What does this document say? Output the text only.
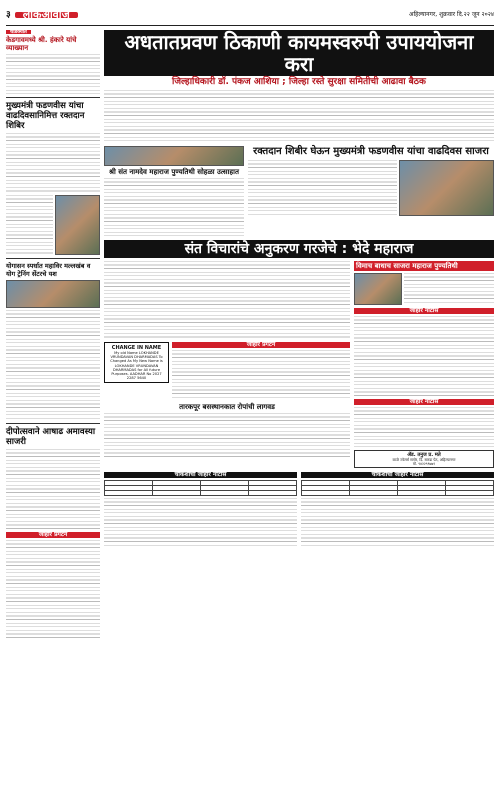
३	लोकआवाज	अहिल्यानगर, शुक्रवार दि.२२ जून २०२४
थोडक्यात
केडगावमध्ये श्री. हंकारे यांचे व्याख्यान
मुख्यमंत्री फडणवीस यांचा वाढदिवसानिमित्त रक्तदान शिबिर
योगासन स्पर्धात महाविर मल्लखंब व योग ट्रेनिंग सेंटरचे यश
दीपोत्सवाने आषाढ अमावस्या साजरी
जाहीर प्रगटन
अधतातप्रवण ठिकाणी कायमस्वरुपी उपाययोजना करा
जिल्हाधिकारी डॉ. पंकज आशिया ; जिल्हा रस्ते सुरक्षा समितीची आढावा बैठक
श्री संत नामदेव महाराज पुण्यतिथी सोहळा उत्साहात
रक्तदान शिबीर घेऊन मुख्यमंत्री फडणवीस यांचा वाढदिवस साजरा
संत विचारांचे अनुकरण गरजेचे : भेदे महाराज
CHANGE IN NAME
My old Name LOKHANDE VRUNDAVAN DHARMADAS To Changed As My New Name is LOKHANDE VRUNDAVAN DHARMADAS for All future Purposes. AADHAR No 2027 2287 5640
जाहीर प्रगटन
तारकपूर बसस्थानकात रोपांची लागवड
विमाच बाधाच साजरा महाराज पुण्यतिथी
जाहीर नोटीस
जाहीर नोटीस
ॲड. तनुज प्र. मते
काळे ज्वेलर्स समोर, दि. सारडा पेठ, अहिल्यानगर
मो. ९४२२९९७७१
चौकशीची जाहीर नोटीस

				चौकशीची जाहीर नोटीस
